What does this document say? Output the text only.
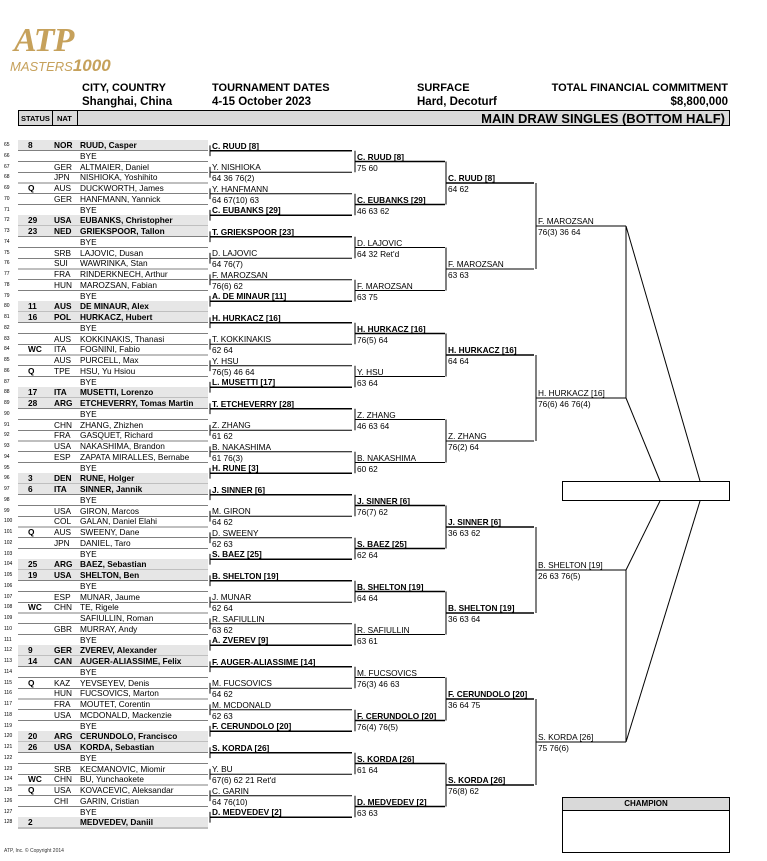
ATP
MASTERS1000
CITY, COUNTRY
Shanghai, China
TOURNAMENT DATES
4-15 October 2023
SURFACE
Hard, Decoturf
TOTAL FINANCIAL COMMITMENT
$8,800,000
STATUS NAT	MAIN DRAW SINGLES (BOTTOM HALF)
65	8	NOR RUUD, Casper
66	BYE
67	GER ALTMAIER, Daniel
68	JPN	NISHIOKA, Yoshihito
69	Q	AUS	DUCKWORTH, James
70	GER HANFMANN, Yannick
71	BYE
72	29	USA	EUBANKS, Christopher
73	23	NED	GRIEKSPOOR, Tallon
74	BYE
75	SRB	LAJOVIC, Dusan
76	SUI	WAWRINKA, Stan
77	FRA	RINDERKNECH, Arthur
78	HUN MAROZSAN, Fabian
79	BYE
80	11	AUS	DE MINAUR, Alex
81	16	POL	HURKACZ, Hubert
82	BYE
83	AUS	KOKKINAKIS, Thanasi
84	WC	ITA	FOGNINI, Fabio
85	AUS	PURCELL, Max
86	Q	TPE	HSU, Yu Hsiou
87	BYE
88	17	ITA	MUSETTI, Lorenzo
89	28	ARG ETCHEVERRY, Tomas Martin
90	BYE
91	CHN ZHANG, Zhizhen
92	FRA	GASQUET, Richard
93	USA	NAKASHIMA, Brandon
94	ESP	ZAPATA MIRALLES, Bernabe
95	BYE
96	3	DEN	RUNE, Holger
97	6	ITA	SINNER, Jannik
98	BYE
99	USA	GIRON, Marcos
100	COL	GALAN, Daniel Elahi
101	Q	AUS	SWEENY, Dane
102	JPN	DANIEL, Taro
103	BYE
104	25	ARG BAEZ, Sebastian
105	19	USA	SHELTON, Ben
106	BYE
107	ESP	MUNAR, Jaume
108	WC	CHN TE, Rigele
109	SAFIULLIN, Roman
110	GBR MURRAY, Andy
111	BYE
112	9	GER ZVEREV, Alexander
113	14	CAN AUGER-ALIASSIME, Felix
114	BYE
115	Q	KAZ	YEVSEYEV, Denis
116	HUN FUCSOVICS, Marton
117	FRA	MOUTET, Corentin
118	USA	MCDONALD, Mackenzie
119	BYE
120	20	ARG CERUNDOLO, Francisco
121	26	USA	KORDA, Sebastian
122	BYE
123	SRB	KECMANOVIC, Miomir
124	WC	CHN BU, Yunchaokete
125	Q	USA	KOVACEVIC, Aleksandar
126	CHI	GARIN, Cristian
127	BYE
128	2	MEDVEDEV, Daniil
C. RUUD [8]
Y. NISHIOKA
64 36 76(2)
Y. HANFMANN
64 67(10) 63
C. EUBANKS [29]
T. GRIEKSPOOR [23]
D. LAJOVIC
64 76(7)
F. MAROZSAN
76(6) 62
A. DE MINAUR [11]
H. HURKACZ [16]
T. KOKKINAKIS
62 64
Y. HSU
76(5) 46 64
L. MUSETTI [17]
T. ETCHEVERRY [28]
Z. ZHANG
61 62
B. NAKASHIMA
61 76(3)
H. RUNE [3]
J. SINNER [6]
M. GIRON
64 62
D. SWEENY
62 63
S. BAEZ [25]
B. SHELTON [19]
J. MUNAR
62 64
R. SAFIULLIN
63 62
A. ZVEREV [9]
F. AUGER-ALIASSIME [14]
M. FUCSOVICS
64 62
M. MCDONALD
62 63
F. CERUNDOLO [20]
S. KORDA [26]
Y. BU
67(6) 62 21 Ret'd
C. GARIN
64 76(10)
D. MEDVEDEV [2]
C. RUUD [8]
75 60
C. EUBANKS [29]
46 63 62
D. LAJOVIC
64 32 Ret'd
F. MAROZSAN
63 75
H. HURKACZ [16]
76(5) 64
Y. HSU
63 64
Z. ZHANG
46 63 64
B. NAKASHIMA
60 62
J. SINNER [6]
76(7) 62
S. BAEZ [25]
62 64
B. SHELTON [19]
64 64
R. SAFIULLIN
63 61
M. FUCSOVICS
76(3) 46 63
F. CERUNDOLO [20]
76(4) 76(5)
S. KORDA [26]
61 64
D. MEDVEDEV [2]
63 63
C. RUUD [8]
64 62
F. MAROZSAN
63 63
H. HURKACZ [16]
64 64
Z. ZHANG
76(2) 64
J. SINNER [6]
36 63 62
B. SHELTON [19]
36 63 64
F. CERUNDOLO [20]
36 64 75
S. KORDA [26]
76(8) 62
F. MAROZSAN
76(3) 36 64
H. HURKACZ [16]
76(6) 46 76(4)
B. SHELTON [19]
26 63 76(5)
S. KORDA [26]
75 76(6)
CHAMPION
ATP, Inc. © Copyright 2014
